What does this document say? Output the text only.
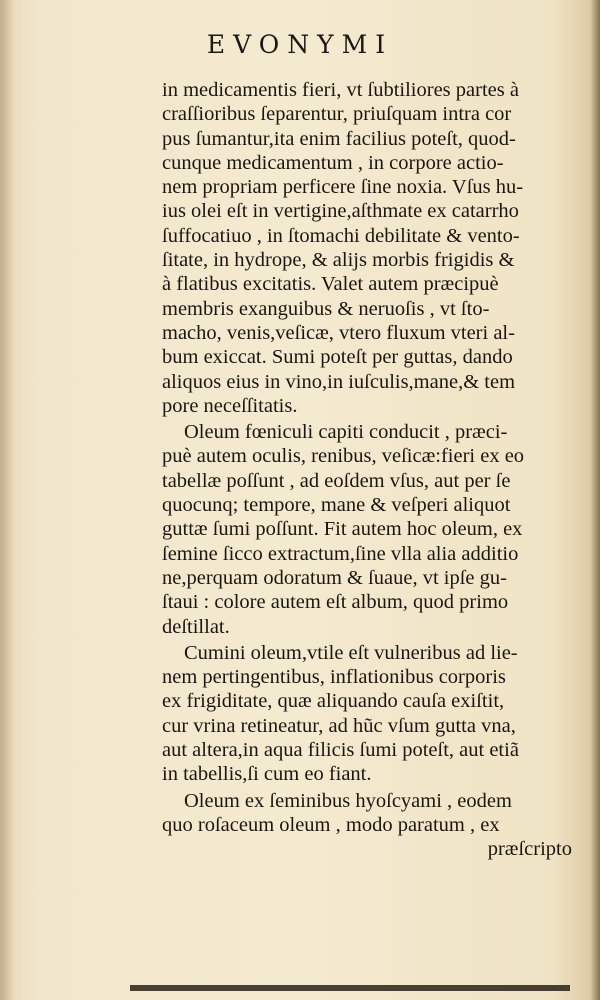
EVONYMI
in medicamentis fieri, vt ſubtiliores partes à
craſſioribus ſeparentur, priuſquam intra cor
pus ſumantur,ita enim facilius poteſt, quod-
cunque medicamentum , in corpore actio-
nem propriam perficere ſine noxia. Vſus hu-
ius olei eſt in vertigine,aſthmate ex catarrho
ſuffocatiuo , in ſtomachi debilitate & vento-
ſitate, in hydrope, & alijs morbis frigidis &
à flatibus excitatis. Valet autem præcipuè
membris exanguibus & neruoſis , vt ſto-
macho, venis,veſicæ, vtero fluxum vteri al-
bum exiccat. Sumi poteſt per guttas, dando
aliquos eius in vino,in iuſculis,mane,& tem
pore neceſſitatis.
Oleum fœniculi capiti conducit , præci-
puè autem oculis, renibus, veſicæ:fieri ex eo
tabellæ poſſunt , ad eoſdem vſus, aut per ſe
quocunq; tempore, mane & veſperi aliquot
guttæ ſumi poſſunt. Fit autem hoc oleum, ex
ſemine ſicco extractum,ſine vlla alia additio
ne,perquam odoratum & ſuaue, vt ipſe gu-
ſtaui : colore autem eſt album, quod primo
deſtillat.
Cumini oleum,vtile eſt vulneribus ad lie-
nem pertingentibus, inflationibus corporis
ex frigiditate, quæ aliquando cauſa exiſtit,
cur vrina retineatur, ad hũc vſum gutta vna,
aut altera,in aqua filicis ſumi poteſt, aut etiã
in tabellis,ſi cum eo fiant.
Oleum ex ſeminibus hyoſcyami , eodem
quo roſaceum oleum , modo paratum , ex
præſcripto
